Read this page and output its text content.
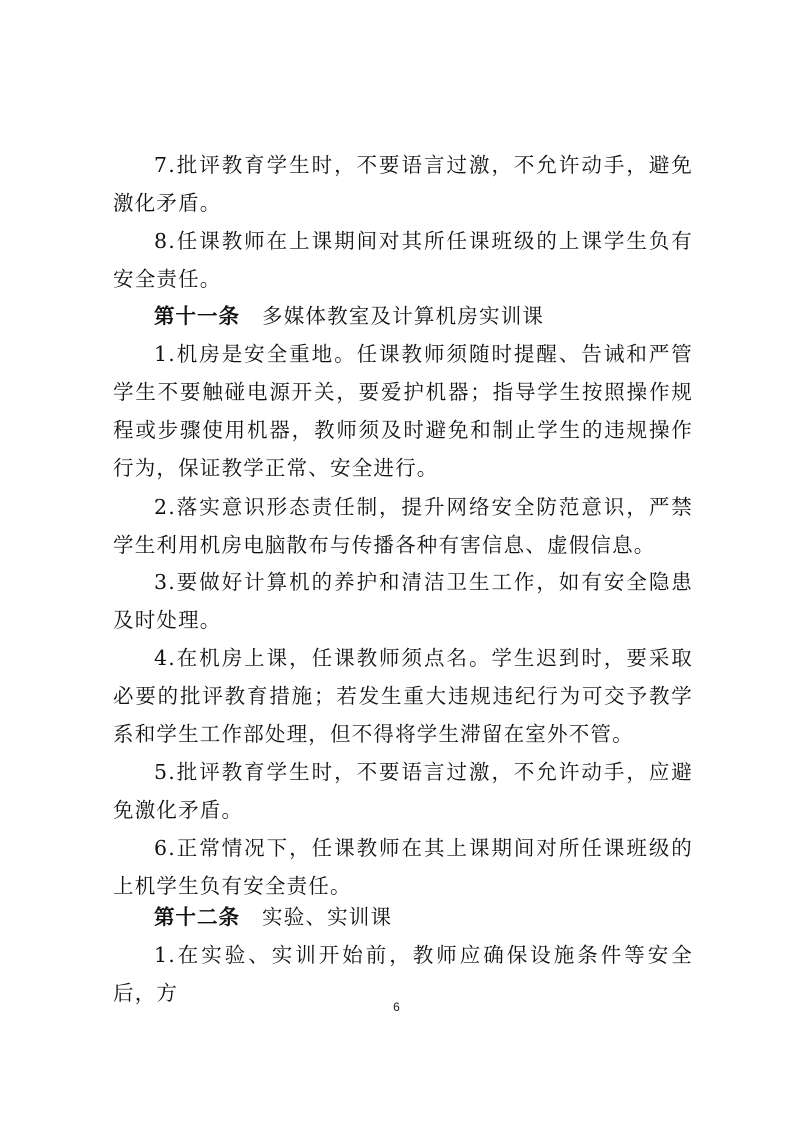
7.批评教育学生时，不要语言过激，不允许动手，避免激化矛盾。

8.任课教师在上课期间对其所任课班级的上课学生负有安全责任。

第十一条 多媒体教室及计算机房实训课

1.机房是安全重地。任课教师须随时提醒、告诫和严管学生不要触碰电源开关，要爱护机器；指导学生按照操作规程或步骤使用机器，教师须及时避免和制止学生的违规操作行为，保证教学正常、安全进行。

2.落实意识形态责任制，提升网络安全防范意识，严禁学生利用机房电脑散布与传播各种有害信息、虚假信息。

3.要做好计算机的养护和清洁卫生工作，如有安全隐患及时处理。

4.在机房上课，任课教师须点名。学生迟到时，要采取必要的批评教育措施；若发生重大违规违纪行为可交予教学系和学生工作部处理，但不得将学生滞留在室外不管。

5.批评教育学生时，不要语言过激，不允许动手，应避免激化矛盾。

6.正常情况下，任课教师在其上课期间对所任课班级的上机学生负有安全责任。

第十二条 实验、实训课

1.在实验、实训开始前，教师应确保设施条件等安全后，方

6
